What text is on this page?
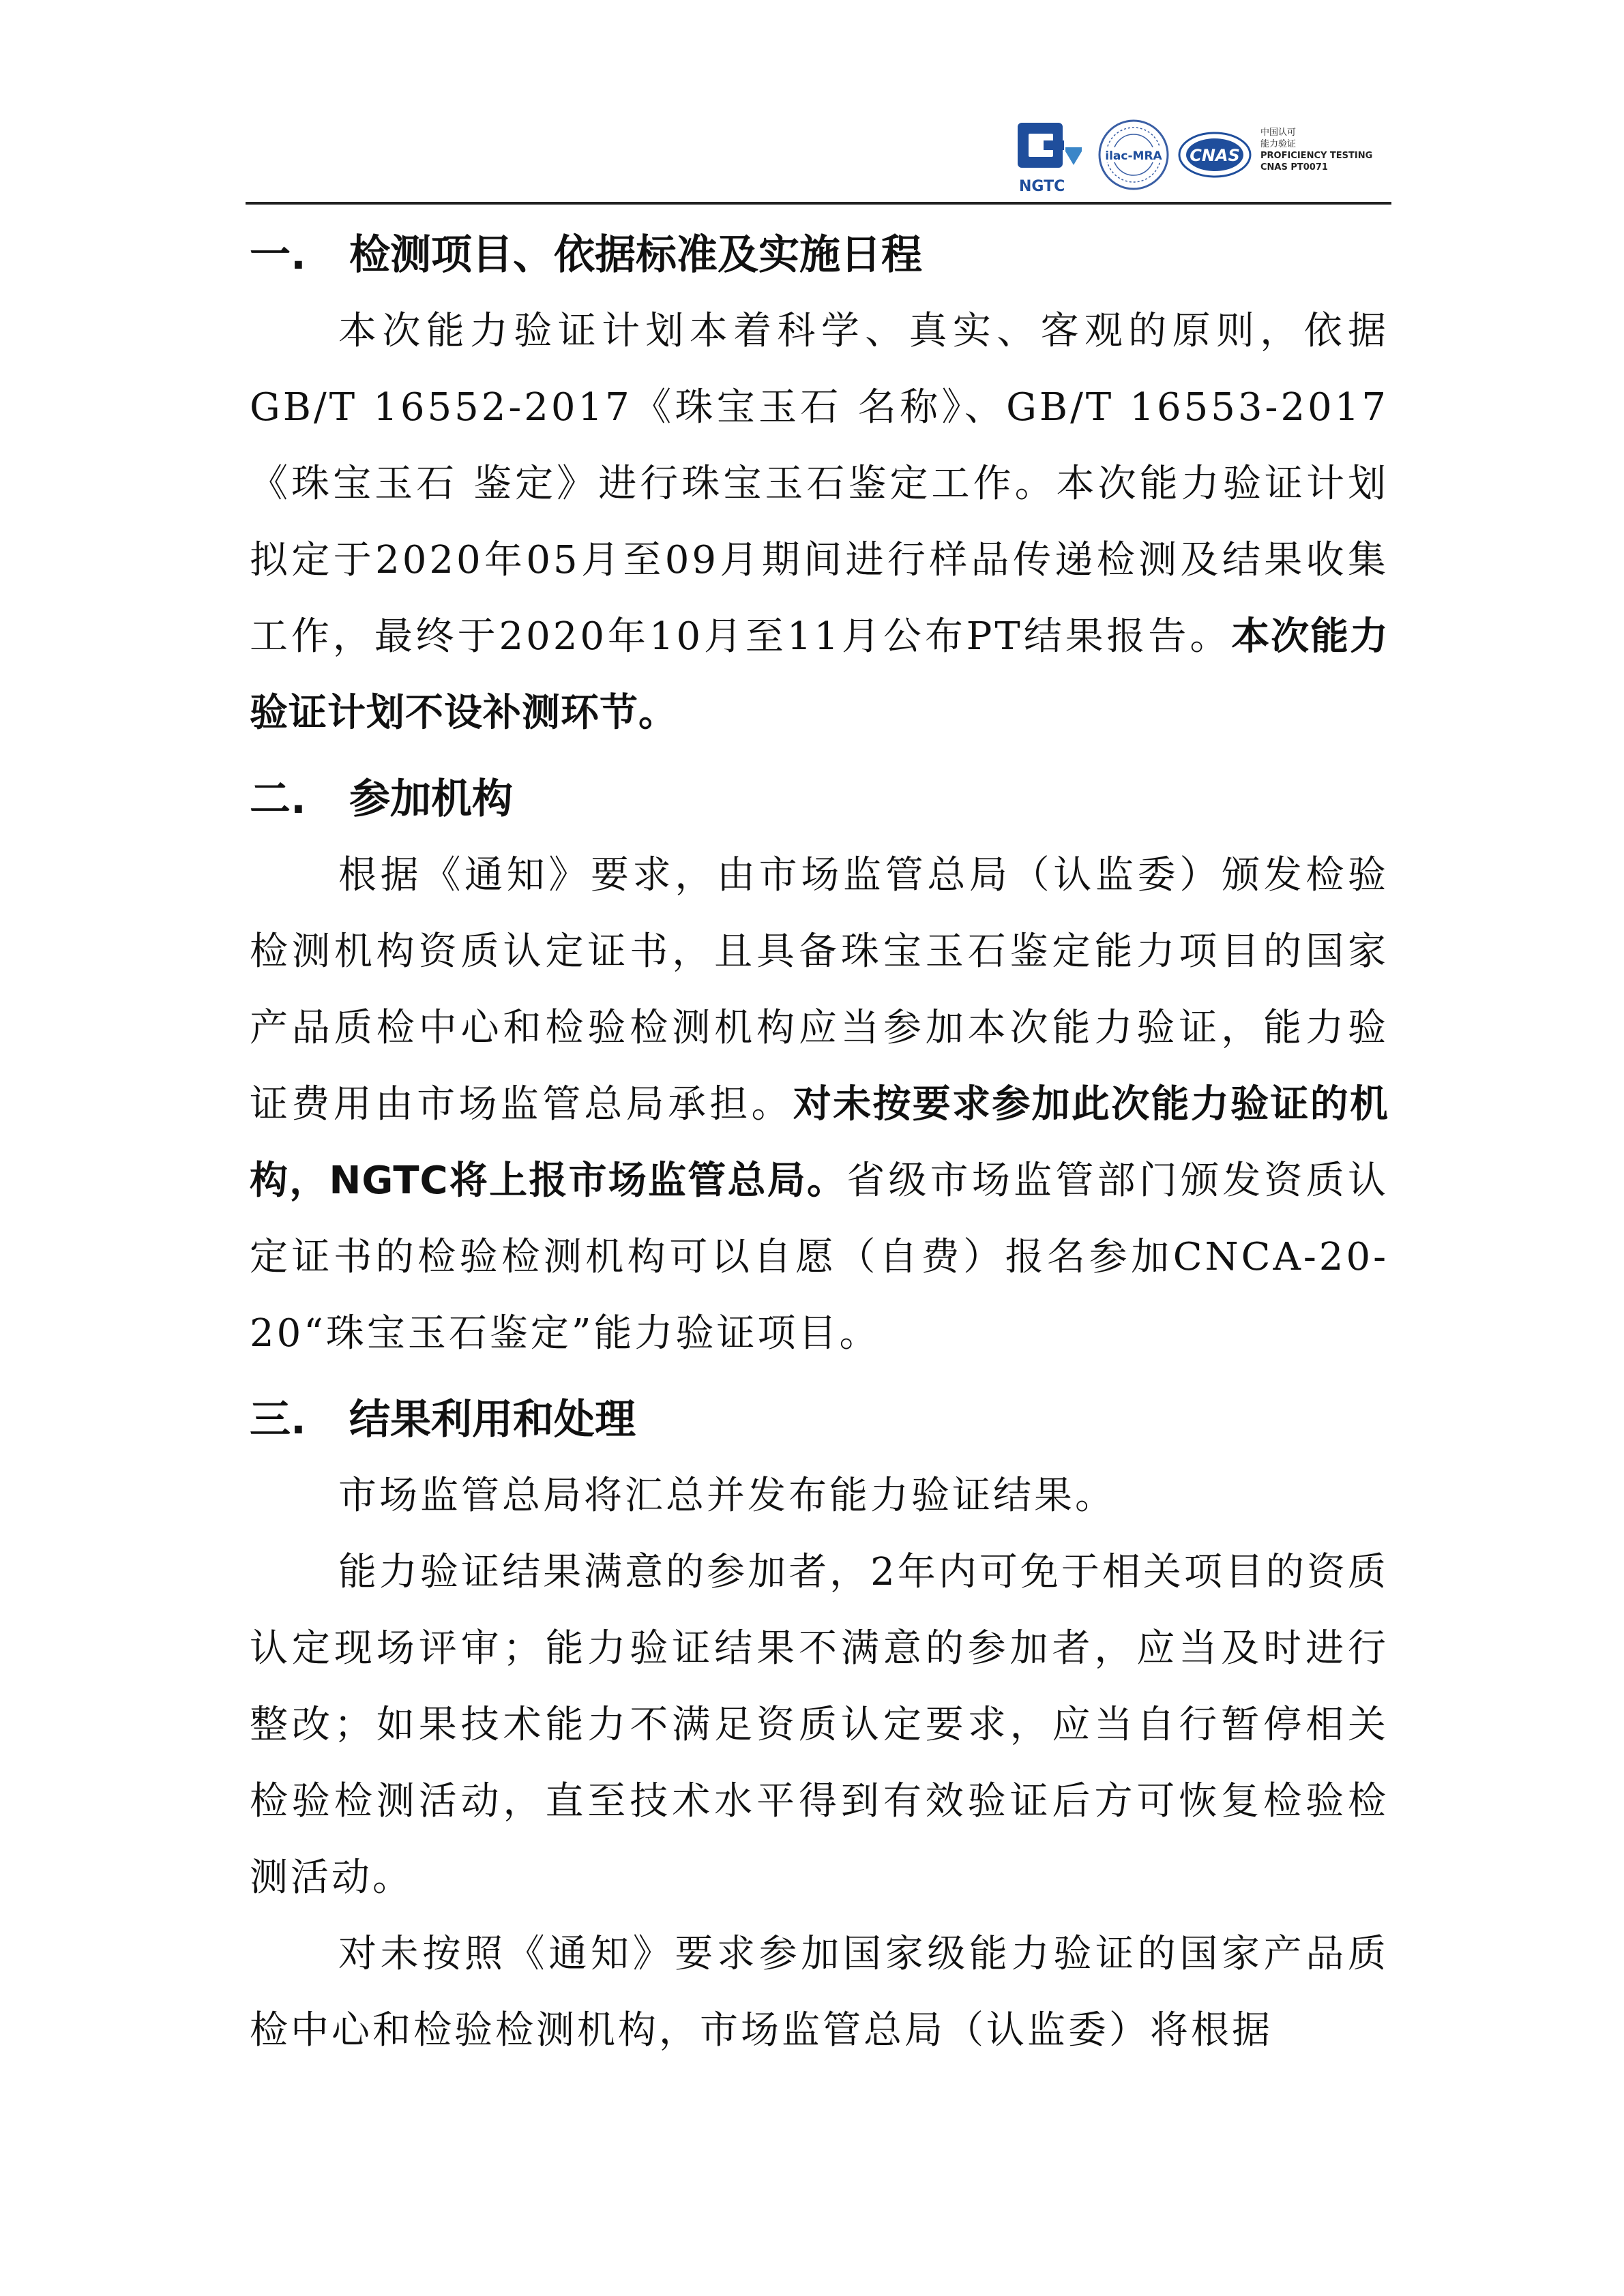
NGTC
ilac-MRA CNAS
中国认可
能力验证
PROFICIENCY TESTING
CNAS PT0071
一. 检测项目、依据标准及实施日程

本次能力验证计划本着科学、真实、客观的原则，依据GB/T 16552-2017《珠宝玉石 名称》、GB/T 16553-2017《珠宝玉石 鉴定》进行珠宝玉石鉴定工作。本次能力验证计划拟定于2020年05月至09月期间进行样品传递检测及结果收集工作，最终于2020年10月至11月公布PT结果报告。本次能力验证计划不设补测环节。

二. 参加机构

根据《通知》要求，由市场监管总局（认监委）颁发检验检测机构资质认定证书，且具备珠宝玉石鉴定能力项目的国家产品质检中心和检验检测机构应当参加本次能力验证，能力验证费用由市场监管总局承担。对未按要求参加此次能力验证的机构，NGTC将上报市场监管总局。省级市场监管部门颁发资质认定证书的检验检测机构可以自愿（自费）报名参加CNCA-20-20“珠宝玉石鉴定”能力验证项目。

三. 结果利用和处理

市场监管总局将汇总并发布能力验证结果。

能力验证结果满意的参加者，2年内可免于相关项目的资质认定现场评审；能力验证结果不满意的参加者，应当及时进行整改；如果技术能力不满足资质认定要求，应当自行暂停相关检验检测活动，直至技术水平得到有效验证后方可恢复检验检测活动。

对未按照《通知》要求参加国家级能力验证的国家产品质检中心和检验检测机构，市场监管总局（认监委）将根据
